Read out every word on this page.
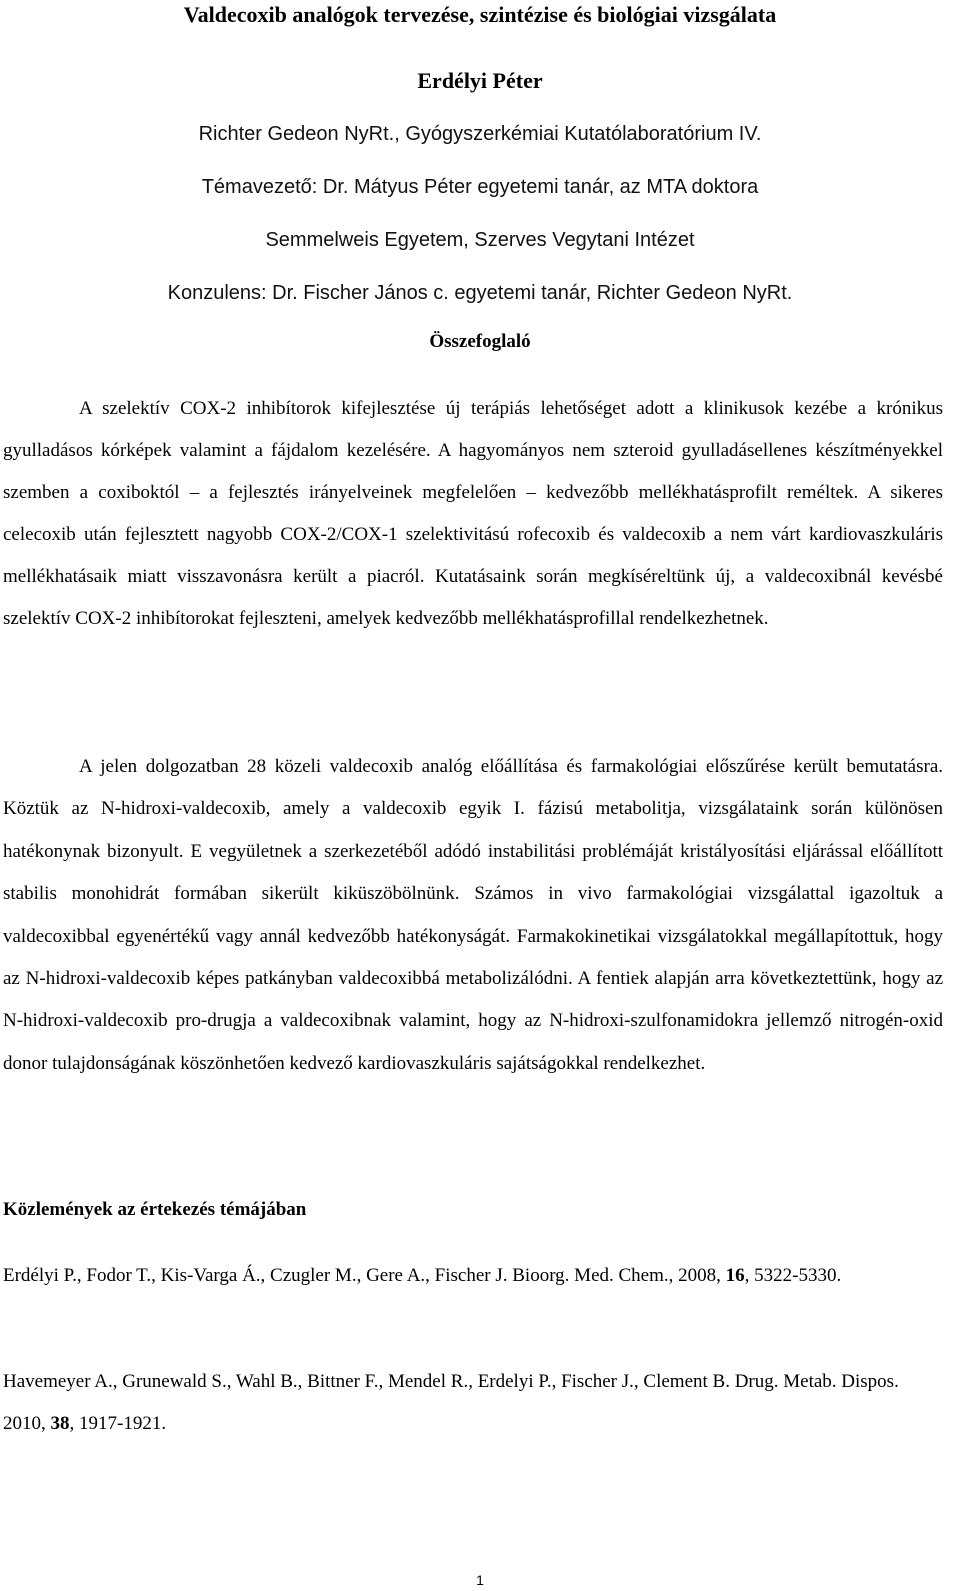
Valdecoxib analógok tervezése, szintézise és biológiai vizsgálata
Erdélyi Péter
Richter Gedeon NyRt., Gyógyszerkémiai Kutatólaboratórium IV.
Témavezető: Dr. Mátyus Péter egyetemi tanár, az MTA doktora
Semmelweis Egyetem, Szerves Vegytani Intézet
Konzulens: Dr. Fischer János c. egyetemi tanár, Richter Gedeon NyRt.
Összefoglaló

A szelektív COX-2 inhibítorok kifejlesztése új terápiás lehetőséget adott a klinikusok kezébe a krónikus gyulladásos kórképek valamint a fájdalom kezelésére. A hagyományos nem szteroid gyulladásellenes készítményekkel szemben a coxiboktól ‒ a fejlesztés irányelveinek megfelelően ‒ kedvezőbb mellékhatásprofilt reméltek. A sikeres celecoxib után fejlesztett nagyobb COX-2/COX-1 szelektivitású rofecoxib és valdecoxib a nem várt kardiovaszkuláris mellékhatásaik miatt visszavonásra került a piacról. Kutatásaink során megkíséreltünk új, a valdecoxibnál kevésbé szelektív COX-2 inhibítorokat fejleszteni, amelyek kedvezőbb mellékhatásprofillal rendelkezhetnek.

A jelen dolgozatban 28 közeli valdecoxib analóg előállítása és farmakológiai előszűrése került bemutatásra. Köztük az N-hidroxi-valdecoxib, amely a valdecoxib egyik I. fázisú metabolitja, vizsgálataink során különösen hatékonynak bizonyult. E vegyületnek a szerkezetéből adódó instabilitási problémáját kristályosítási eljárással előállított stabilis monohidrát formában sikerült kiküszöbölnünk. Számos in vivo farmakológiai vizsgálattal igazoltuk a valdecoxibbal egyenértékű vagy annál kedvezőbb hatékonyságát. Farmakokinetikai vizsgálatokkal megállapítottuk, hogy az N-hidroxi-valdecoxib képes patkányban valdecoxibbá metabolizálódni. A fentiek alapján arra következtettünk, hogy az N-hidroxi-valdecoxib pro-drugja a valdecoxibnak valamint, hogy az N-hidroxi-szulfonamidokra jellemző nitrogén-oxid donor tulajdonságának köszönhetően kedvező kardiovaszkuláris sajátságokkal rendelkezhet.

Közlemények az értekezés témájában

Erdélyi P., Fodor T., Kis-Varga Á., Czugler M., Gere A., Fischer J. Bioorg. Med. Chem., 2008, 16, 5322-5330.

Havemeyer A., Grunewald S., Wahl B., Bittner F., Mendel R., Erdelyi P., Fischer J., Clement B. Drug. Metab. Dispos. 2010, 38, 1917-1921.

1
